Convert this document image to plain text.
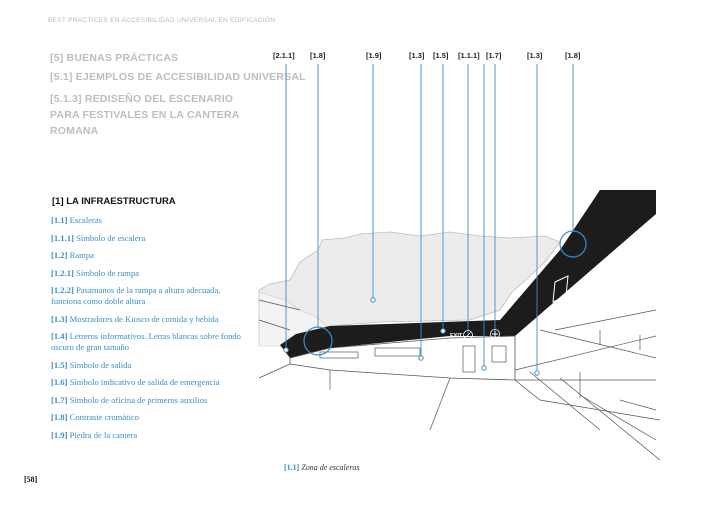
BEST PRACTICES EN ACCESIBILIDAD UNIVERSAL EN EDIFICACIÓN
[5] BUENAS PRÁCTICAS
[5.1] EJEMPLOS DE ACCESIBILIDAD UNIVERSAL
[5.1.3] REDISEÑO DEL ESCENARIO PARA FESTIVALES EN LA CANTERA ROMANA
[1] LA INFRAESTRUCTURA
[1.1] Escaleras
[1.1.1] Símbolo de escalera
[1.2] Rampa
[1.2.1] Símbolo de rampa
[1.2.2] Pasamanos de la rampa a altura adecuada, funciona como doble altura
[1.3] Mostradores de Kiosco de comida y bebida
[1.4] Letreros informativos. Letras blancas sobre fondo oscuro de gran tamaño
[1.5] Símbolo de salida
[1.6] Símbolo indicativo de salida de emergencia
[1.7] Símbolo de oficina de primeros auxilios
[1.8] Contraste cromático
[1.9] Piedra de la cantera
[2.1.1] [1.8]	[1.9]	[1.3] [1.5] [1.1.1] [1.7]	[1.3]	[1.8]
EXIT
[1.1] Zona de escaleras
[58]
